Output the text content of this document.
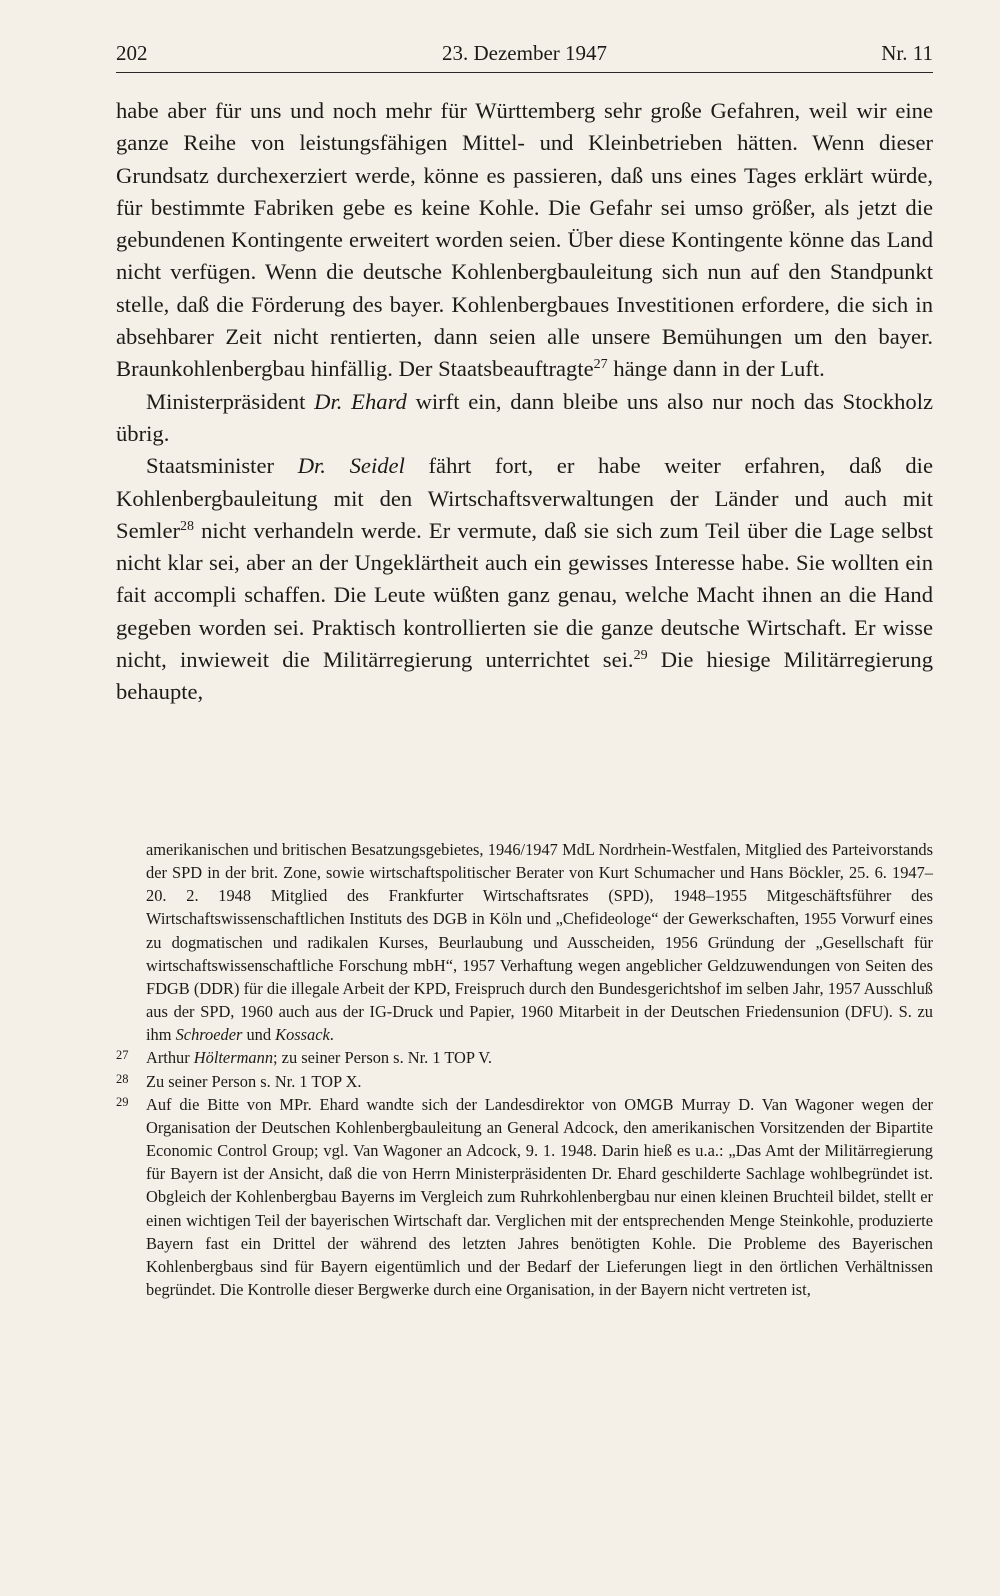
202	23. Dezember 1947	Nr. 11

habe aber für uns und noch mehr für Württemberg sehr große Gefahren, weil wir eine ganze Reihe von leistungsfähigen Mittel- und Kleinbetrieben hätten. Wenn dieser Grundsatz durchexerziert werde, könne es passieren, daß uns eines Tages erklärt würde, für bestimmte Fabriken gebe es keine Kohle. Die Gefahr sei umso größer, als jetzt die gebundenen Kontingente erweitert worden seien. Über diese Kontingente könne das Land nicht verfügen. Wenn die deutsche Kohlenbergbauleitung sich nun auf den Standpunkt stelle, daß die Förderung des bayer. Kohlenbergbaues Investitionen erfordere, die sich in absehbarer Zeit nicht rentierten, dann seien alle unsere Bemühungen um den bayer. Braunkohlenbergbau hinfällig. Der Staatsbeauftragte$^{27}$ hänge dann in der Luft.

Ministerpräsident Dr. Ehard wirft ein, dann bleibe uns also nur noch das Stockholz übrig.

Staatsminister Dr. Seidel fährt fort, er habe weiter erfahren, daß die Kohlenbergbauleitung mit den Wirtschaftsverwaltungen der Länder und auch mit Semler$^{28}$ nicht verhandeln werde. Er vermute, daß sie sich zum Teil über die Lage selbst nicht klar sei, aber an der Ungeklärtheit auch ein gewisses Interesse habe. Sie wollten ein fait accompli schaffen. Die Leute wüßten ganz genau, welche Macht ihnen an die Hand gegeben worden sei. Praktisch kontrollierten sie die ganze deutsche Wirtschaft. Er wisse nicht, inwieweit die Militärregierung unterrichtet sei.$^{29}$ Die hiesige Militärregierung behaupte,

amerikanischen und britischen Besatzungsgebietes, 1946/1947 MdL Nordrhein-Westfalen, Mitglied des Parteivorstands der SPD in der brit. Zone, sowie wirtschaftspolitischer Berater von Kurt Schumacher und Hans Böckler, 25. 6. 1947–20. 2. 1948 Mitglied des Frankfurter Wirtschaftsrates (SPD), 1948–1955 Mitgeschäftsführer des Wirtschaftswissenschaftlichen Instituts des DGB in Köln und „Chefideologe“ der Gewerkschaften, 1955 Vorwurf eines zu dogmatischen und radikalen Kurses, Beurlaubung und Ausscheiden, 1956 Gründung der „Gesellschaft für wirtschaftswissenschaftliche Forschung mbH“, 1957 Verhaftung wegen angeblicher Geldzuwendungen von Seiten des FDGB (DDR) für die illegale Arbeit der KPD, Freispruch durch den Bundesgerichtshof im selben Jahr, 1957 Ausschluß aus der SPD, 1960 auch aus der IG-Druck und Papier, 1960 Mitarbeit in der Deutschen Friedensunion (DFU). S. zu ihm Schroeder und Kossack.

27 Arthur Höltermann; zu seiner Person s. Nr. 1 TOP V.

28 Zu seiner Person s. Nr. 1 TOP X.

29 Auf die Bitte von MPr. Ehard wandte sich der Landesdirektor von OMGB Murray D. Van Wagoner wegen der Organisation der Deutschen Kohlenbergbauleitung an General Adcock, den amerikanischen Vorsitzenden der Bipartite Economic Control Group; vgl. Van Wagoner an Adcock, 9. 1. 1948. Darin hieß es u.a.: „Das Amt der Militärregierung für Bayern ist der Ansicht, daß die von Herrn Ministerpräsidenten Dr. Ehard geschilderte Sachlage wohlbegründet ist. Obgleich der Kohlenbergbau Bayerns im Vergleich zum Ruhrkohlenbergbau nur einen kleinen Bruchteil bildet, stellt er einen wichtigen Teil der bayerischen Wirtschaft dar. Verglichen mit der entsprechenden Menge Steinkohle, produzierte Bayern fast ein Drittel der während des letzten Jahres benötigten Kohle. Die Probleme des Bayerischen Kohlenbergbaus sind für Bayern eigentümlich und der Bedarf der Lieferungen liegt in den örtlichen Verhältnissen begründet. Die Kontrolle dieser Bergwerke durch eine Organisation, in der Bayern nicht vertreten ist,
